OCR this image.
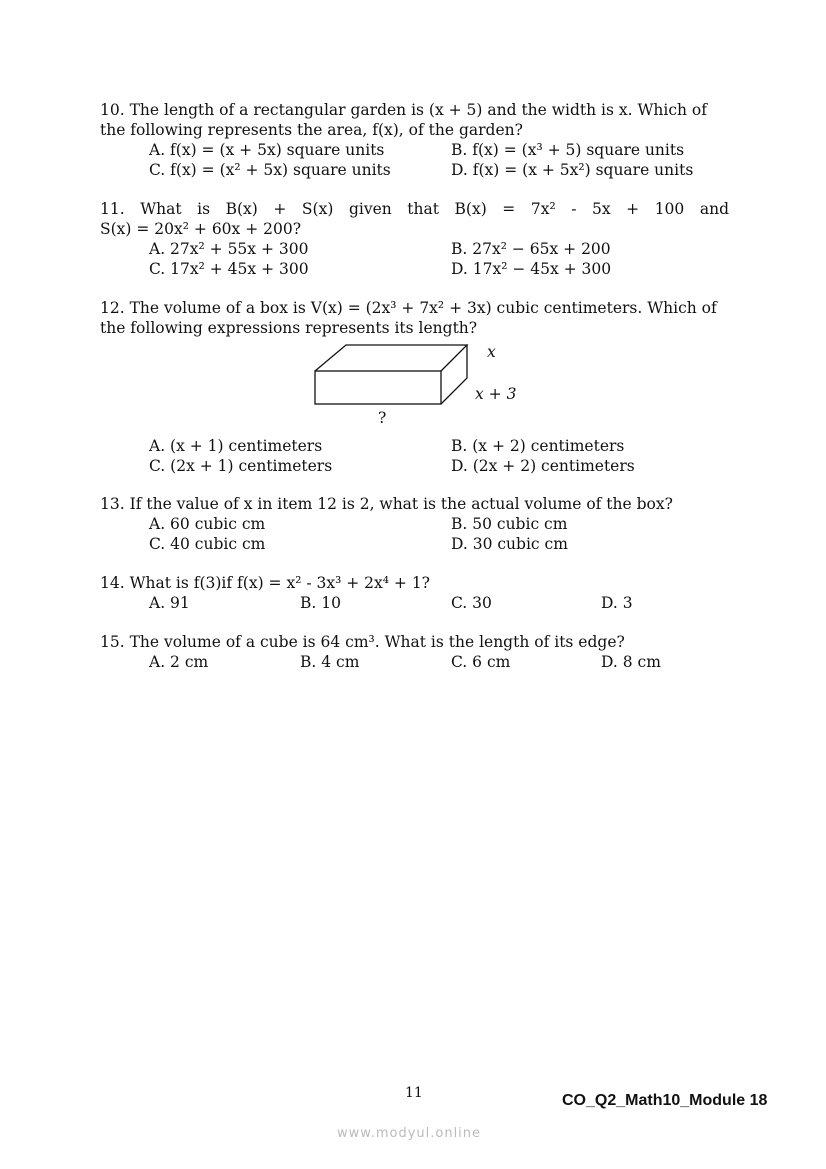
10. The length of a rectangular garden is (x + 5) and the width is x. Which of the following represents the area, f(x), of the garden?
A. f(x) = (x + 5x) square units	B. f(x) = (x³ + 5) square units
C. f(x) = (x² + 5x) square units	D. f(x) = (x + 5x²) square units
11. What is B(x) + S(x) given that B(x) = 7x² - 5x + 100 and
S(x) = 20x² + 60x + 200?
A. 27x² + 55x + 300	B. 27x² − 65x + 200
C. 17x² + 45x + 300	D. 17x² − 45x + 300
12. The volume of a box is V(x) = (2x³ + 7x² + 3x) cubic centimeters. Which of the following expressions represents its length?
x
x + 3
?
A. (x + 1) centimeters	B. (x + 2) centimeters
C. (2x + 1) centimeters	D. (2x + 2) centimeters
13. If the value of x in item 12 is 2, what is the actual volume of the box?
A. 60 cubic cm	B. 50 cubic cm
C. 40 cubic cm	D. 30 cubic cm
14. What is f(3)if f(x) = x² - 3x³ + 2x⁴ + 1?
A. 91	B. 10	C. 30	D. 3
15. The volume of a cube is 64 cm³. What is the length of its edge?
A. 2 cm	B. 4 cm	C. 6 cm	D. 8 cm
11	CO_Q2_Math10_Module 18
www.modyul.online
